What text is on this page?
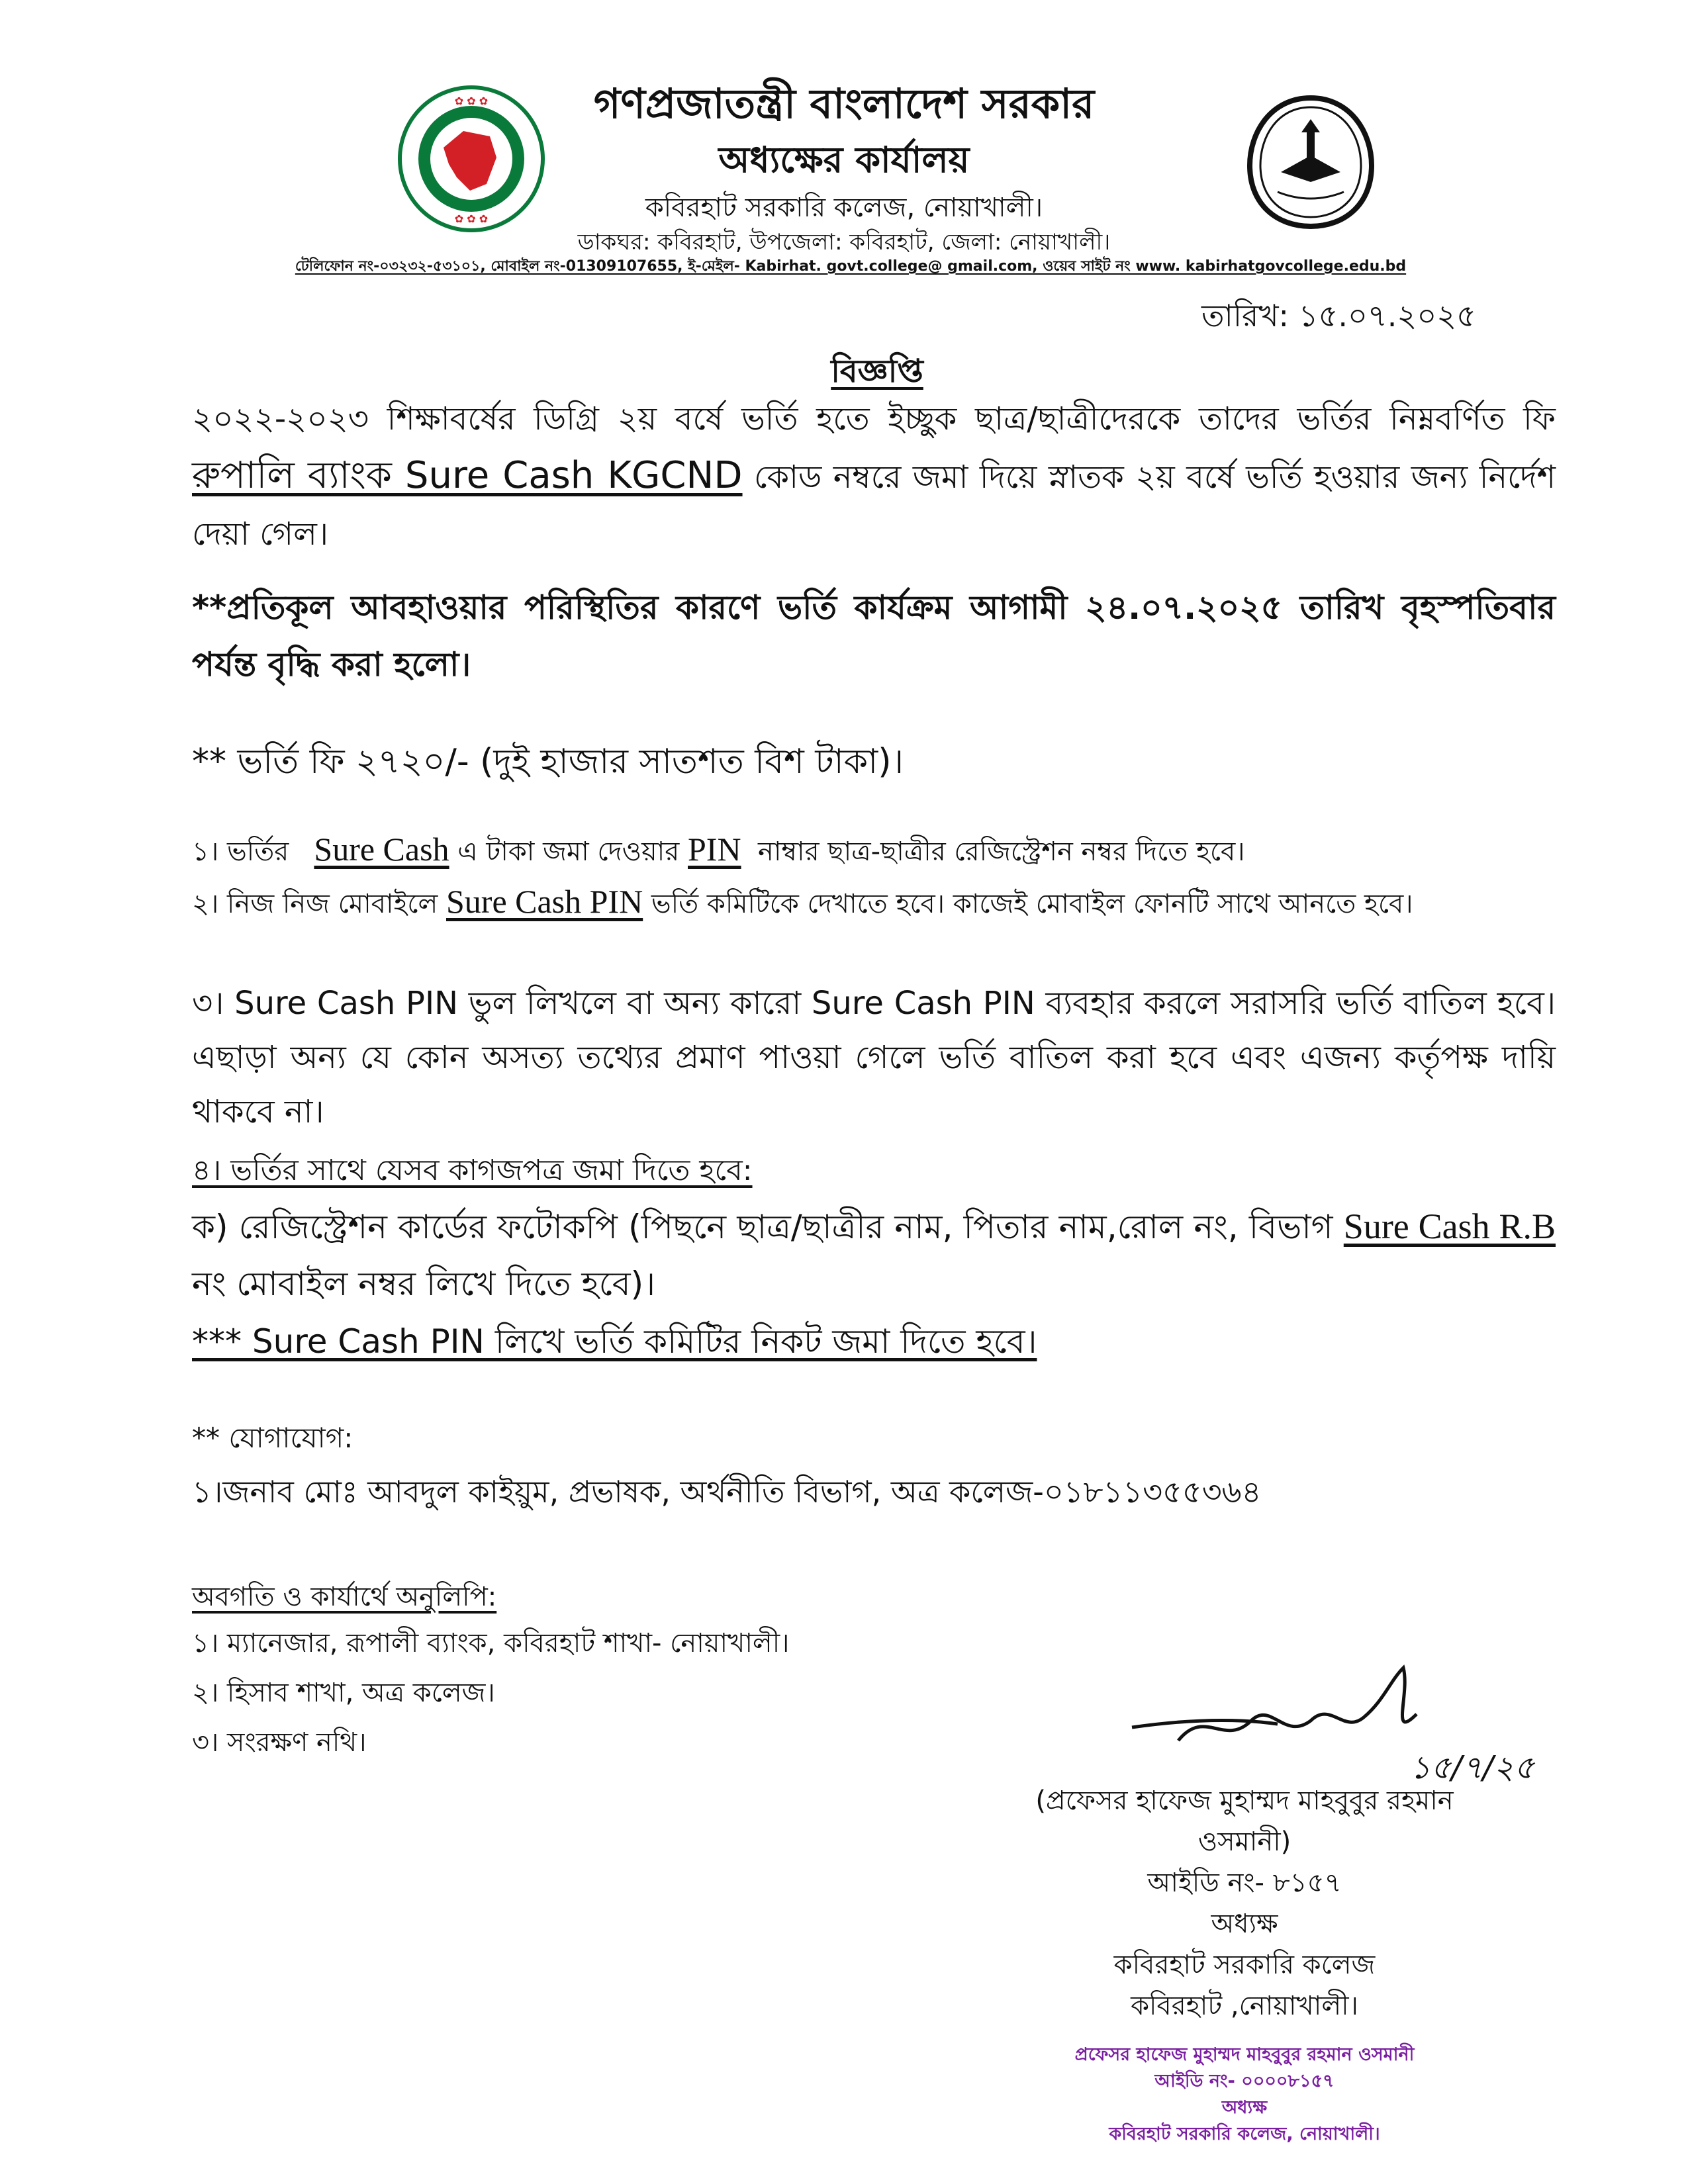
✿ ✿ ✿
✿ ✿ ✿
গণপ্রজাতন্ত্রী বাংলাদেশ সরকার
অধ্যক্ষের কার্যালয়
কবিরহাট সরকারি কলেজ, নোয়াখালী।
ডাকঘর: কবিরহাট, উপজেলা: কবিরহাট, জেলা: নোয়াখালী।
টেলিফোন নং-০৩২৩২-৫৩১০১, মোবাইল নং-01309107655, ই-মেইল- Kabirhat. govt.college@ gmail.com, ওয়েব সাইট নং www. kabirhatgovcollege.edu.bd
তারিখ: ১৫.০৭.২০২৫
বিজ্ঞপ্তি
২০২২-২০২৩ শিক্ষাবর্ষের ডিগ্রি ২য় বর্ষে ভর্তি হতে ইচ্ছুক ছাত্র/ছাত্রীদেরকে তাদের ভর্তির নিম্নবর্ণিত ফি রুপালি ব্যাংক Sure Cash KGCND কোড নম্বরে জমা দিয়ে স্নাতক ২য় বর্ষে ভর্তি হওয়ার জন্য নির্দেশ দেয়া গেল।
**প্রতিকূল আবহাওয়ার পরিস্থিতির কারণে ভর্তি কার্যক্রম আগামী ২৪.০৭.২০২৫ তারিখ বৃহস্পতিবার পর্যন্ত বৃদ্ধি করা হলো।
** ভর্তি ফি ২৭২০/- (দুই হাজার সাতশত বিশ টাকা)।
১। ভর্তির Sure Cash এ টাকা জমা দেওয়ার PIN নাম্বার ছাত্র-ছাত্রীর রেজিস্ট্রেশন নম্বর দিতে হবে।
২। নিজ নিজ মোবাইলে Sure Cash PIN ভর্তি কমিটিকে দেখাতে হবে। কাজেই মোবাইল ফোনটি সাথে আনতে হবে।
৩। Sure Cash PIN ভুল লিখলে বা অন্য কারো Sure Cash PIN ব্যবহার করলে সরাসরি ভর্তি বাতিল হবে। এছাড়া অন্য যে কোন অসত্য তথ্যের প্রমাণ পাওয়া গেলে ভর্তি বাতিল করা হবে এবং এজন্য কর্তৃপক্ষ দায়ি থাকবে না।
৪। ভর্তির সাথে যেসব কাগজপত্র জমা দিতে হবে:
ক) রেজিস্ট্রেশন কার্ডের ফটোকপি (পিছনে ছাত্র/ছাত্রীর নাম, পিতার নাম,রোল নং, বিভাগ Sure Cash R.B নং মোবাইল নম্বর লিখে দিতে হবে)।
*** Sure Cash PIN লিখে ভর্তি কমিটির নিকট জমা দিতে হবে।
** যোগাযোগ:
১।জনাব মোঃ আবদুল কাইয়ুম, প্রভাষক, অর্থনীতি বিভাগ, অত্র কলেজ-০১৮১১৩৫৫৩৬৪
অবগতি ও কার্যার্থে অনুলিপি:
১। ম্যানেজার, রূপালী ব্যাংক, কবিরহাট শাখা- নোয়াখালী।
২। হিসাব শাখা, অত্র কলেজ।
৩। সংরক্ষণ নথি।
১৫/৭/২৫
(প্রফেসর হাফেজ মুহাম্মদ মাহবুবুর রহমান
ওসমানী)
আইডি নং- ৮১৫৭
অধ্যক্ষ
কবিরহাট সরকারি কলেজ
কবিরহাট ,নোয়াখালী।
প্রফেসর হাফেজ মুহাম্মদ মাহবুবুর রহমান ওসমানী
আইডি নং- ০০০০৮১৫৭
অধ্যক্ষ
কবিরহাট সরকারি কলেজ, নোয়াখালী।
